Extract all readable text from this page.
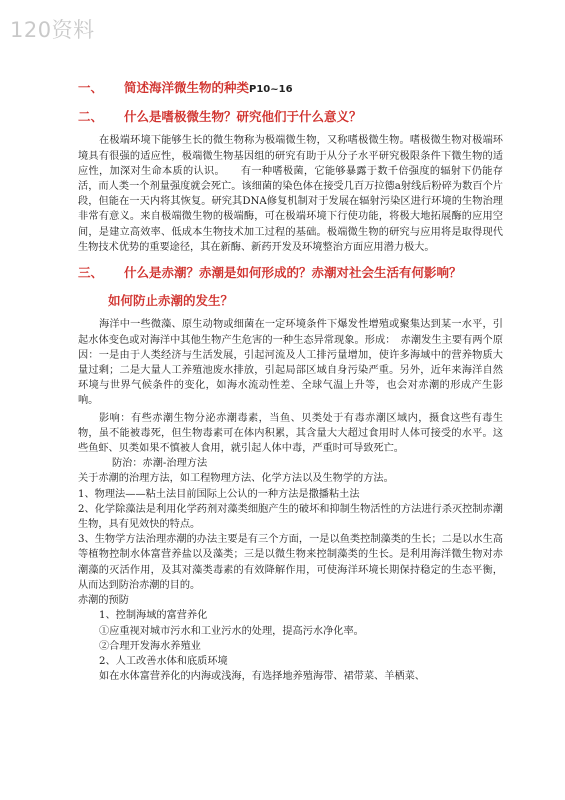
120资料

一、 简述海洋微生物的种类P10~16

二、 什么是嗜极微生物？研究他们于什么意义？

在极端环境下能够生长的微生物称为极端微生物，又称嗜极微生物。嗜极微生物对极端环境具有很强的适应性，极端微生物基因组的研究有助于从分子水平研究极限条件下微生物的适应性，加深对生命本质的认识。　　有一种嗜极菌，它能够暴露于数千倍强度的辐射下仍能存活，而人类一个剂量强度就会死亡。该细菌的染色体在接受几百万拉德a射线后粉碎为数百个片段，但能在一天内将其恢复。研究其DNA修复机制对于发展在辐射污染区进行环境的生物治理非常有意义。来自极端微生物的极端酶，可在极端环境下行使功能，将极大地拓展酶的应用空间，是建立高效率、低成本生物技术加工过程的基础。极端微生物的研究与应用将是取得现代生物技术优势的重要途径，其在新酶、新药开发及环境整治方面应用潜力极大。

三、 什么是赤潮？赤潮是如何形成的？赤潮对社会生活有何影响？

如何防止赤潮的发生？

海洋中一些微藻、原生动物或细菌在一定环境条件下爆发性增殖或聚集达到某一水平，引起水体变色或对海洋中其他生物产生危害的一种生态异常现象。形成：　赤潮发生主要有两个原因：一是由于人类经济与生活发展，引起河流及人工排污量增加，使许多海域中的营养物质大量过剩；二是大量人工养殖池废水排放，引起局部区域自身污染严重。另外，近年来海洋自然环境与世界气候条件的变化，如海水流动性差、全球气温上升等，也会对赤潮的形成产生影响。

影响：有些赤潮生物分泌赤潮毒素，当鱼、贝类处于有毒赤潮区域内，摄食这些有毒生物，虽不能被毒死，但生物毒素可在体内积累，其含量大大超过食用时人体可接受的水平。这些鱼虾、贝类如果不慎被人食用，就引起人体中毒，严重时可导致死亡。

防治：赤潮-治理方法

关于赤潮的治理方法，如工程物理方法、化学方法以及生物学的方法。

1、物理法——粘土法目前国际上公认的一种方法是撒播粘土法

2、化学除藻法是利用化学药剂对藻类细胞产生的破坏和抑制生物活性的方法进行杀灭控制赤潮生物，具有见效快的特点。

3、生物学方法治理赤潮的办法主要是有三个方面，一是以鱼类控制藻类的生长；二是以水生高等植物控制水体富营养盐以及藻类；三是以微生物来控制藻类的生长。是利用海洋微生物对赤潮藻的灭活作用，及其对藻类毒素的有效降解作用，可使海洋环境长期保持稳定的生态平衡，从而达到防治赤潮的目的。

赤潮的预防

1、控制海域的富营养化

①应重视对城市污水和工业污水的处理，提高污水净化率。

②合理开发海水养殖业

2、人工改善水体和底质环境

如在水体富营养化的内海或浅海，有选择地养殖海带、裙带菜、羊栖菜、
